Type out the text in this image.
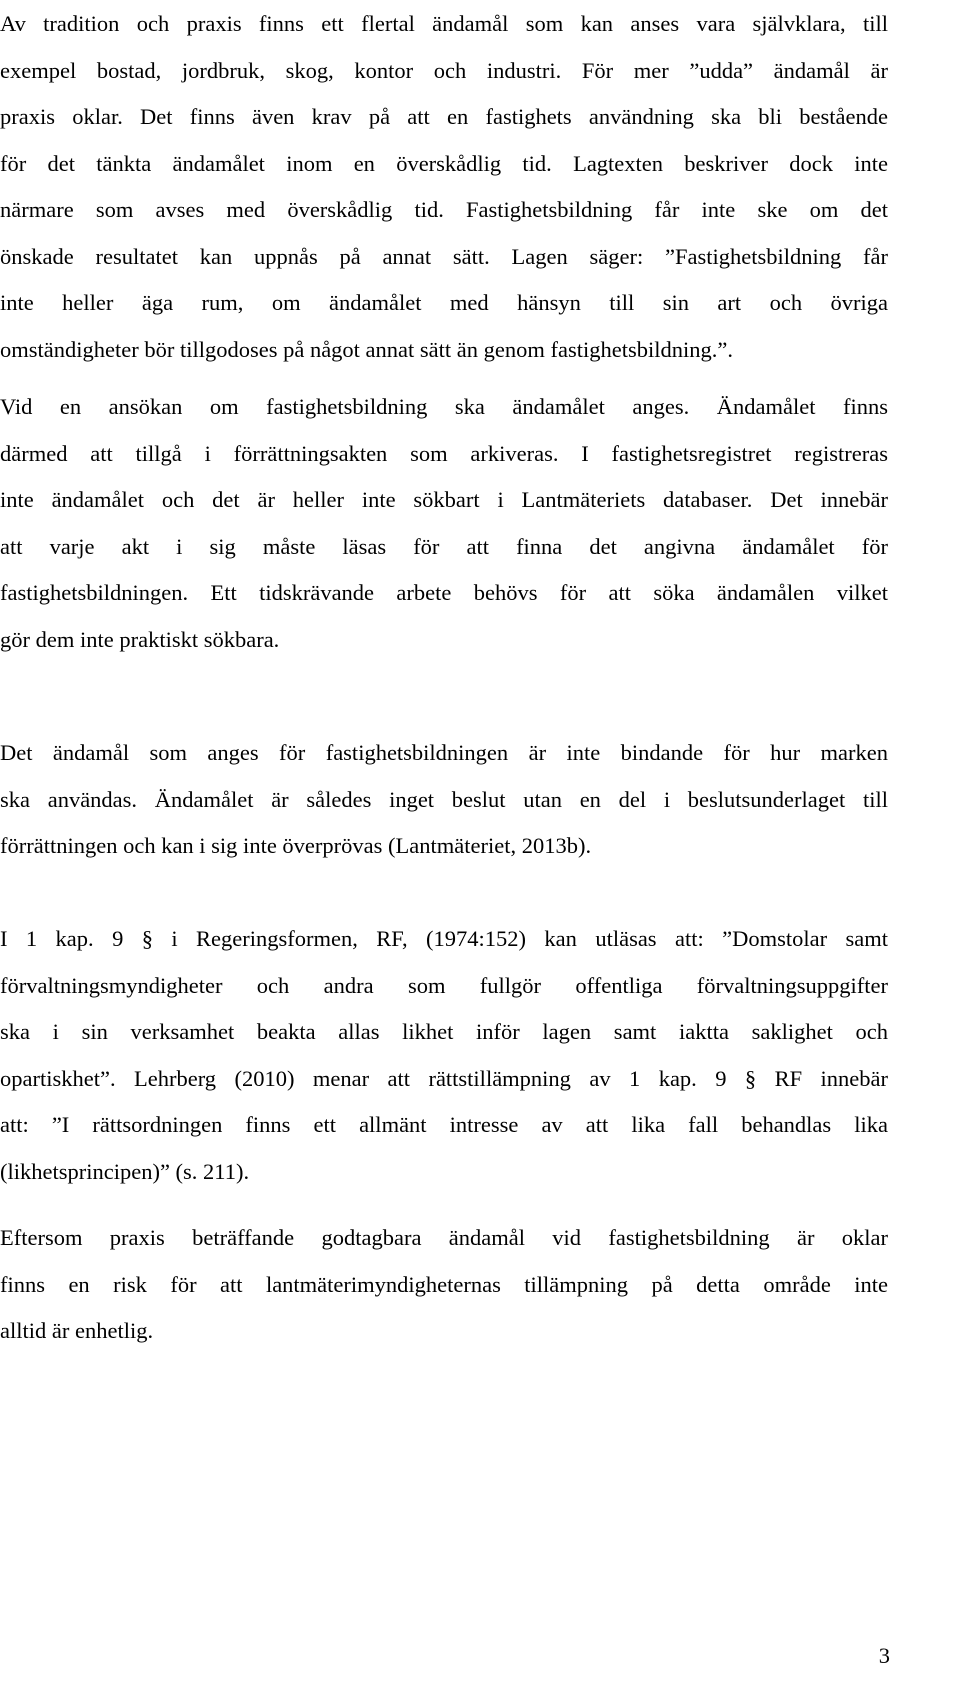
Av tradition och praxis finns ett flertal ändamål som kan anses vara självklara, till
exempel bostad, jordbruk, skog, kontor och industri. För mer ”udda” ändamål är
praxis oklar. Det finns även krav på att en fastighets användning ska bli bestående
för det tänkta ändamålet inom en överskådlig tid. Lagtexten beskriver dock inte
närmare som avses med överskådlig tid. Fastighetsbildning får inte ske om det
önskade resultatet kan uppnås på annat sätt. Lagen säger: ”Fastighetsbildning får
inte heller äga rum, om ändamålet med hänsyn till sin art och övriga
omständigheter bör tillgodoses på något annat sätt än genom fastighetsbildning.”.
Vid en ansökan om fastighetsbildning ska ändamålet anges. Ändamålet finns
därmed att tillgå i förrättningsakten som arkiveras. I fastighetsregistret registreras
inte ändamålet och det är heller inte sökbart i Lantmäteriets databaser. Det innebär
att varje akt i sig måste läsas för att finna det angivna ändamålet för
fastighetsbildningen. Ett tidskrävande arbete behövs för att söka ändamålen vilket
gör dem inte praktiskt sökbara.
Det ändamål som anges för fastighetsbildningen är inte bindande för hur marken
ska användas. Ändamålet är således inget beslut utan en del i beslutsunderlaget till
förrättningen och kan i sig inte överprövas (Lantmäteriet, 2013b).
I 1 kap. 9 § i Regeringsformen, RF, (1974:152) kan utläsas att: ”Domstolar samt
förvaltningsmyndigheter och andra som fullgör offentliga förvaltningsuppgifter
ska i sin verksamhet beakta allas likhet inför lagen samt iaktta saklighet och
opartiskhet”. Lehrberg (2010) menar att rättstillämpning av 1 kap. 9 § RF innebär
att: ”I rättsordningen finns ett allmänt intresse av att lika fall behandlas lika
(likhetsprincipen)” (s. 211).
Eftersom praxis beträffande godtagbara ändamål vid fastighetsbildning är oklar
finns en risk för att lantmäterimyndigheternas tillämpning på detta område inte
alltid är enhetlig.
3
